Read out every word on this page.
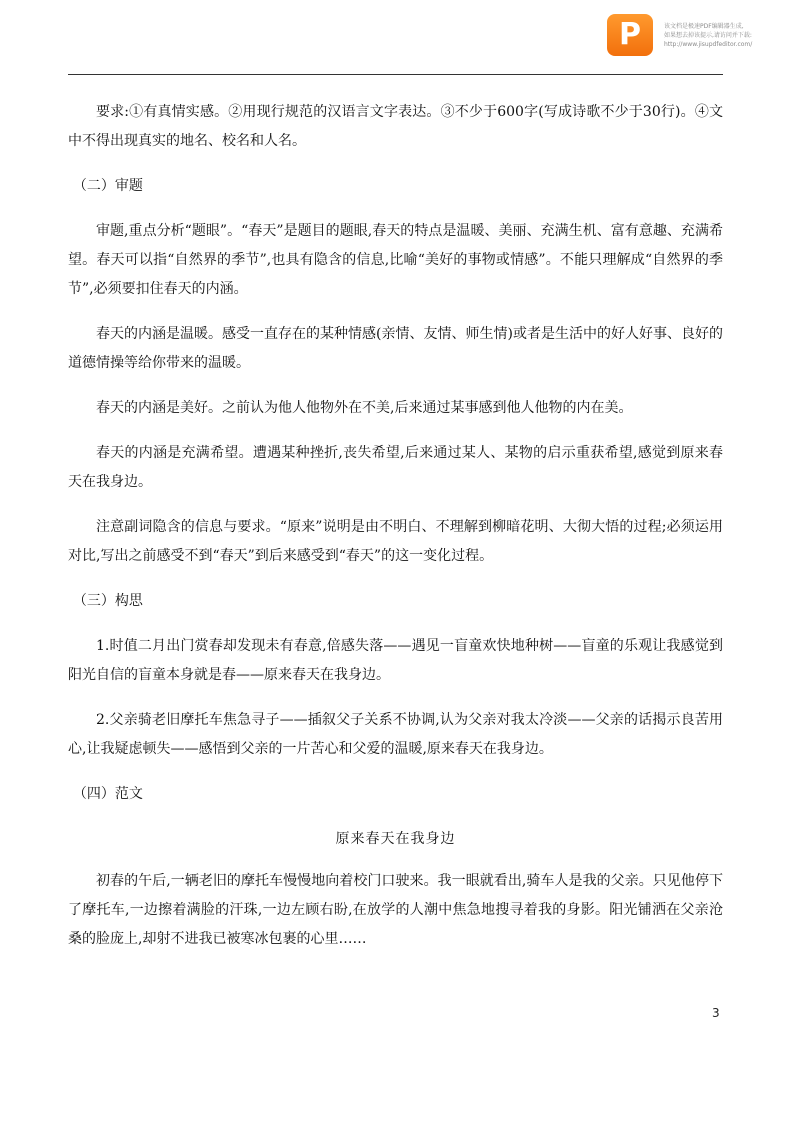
P	该文档是极速PDF编辑器生成,
如果想去掉该提示,请访问并下载:
http://www.jisupdfeditor.com/

要求:①有真情实感。②用现行规范的汉语言文字表达。③不少于600字(写成诗歌不少于30行)。④文中不得出现真实的地名、校名和人名。

（二）审题

审题,重点分析“题眼”。“春天”是题目的题眼,春天的特点是温暖、美丽、充满生机、富有意趣、充满希望。春天可以指“自然界的季节”,也具有隐含的信息,比喻“美好的事物或情感”。不能只理解成“自然界的季节”,必须要扣住春天的内涵。

春天的内涵是温暖。感受一直存在的某种情感(亲情、友情、师生情)或者是生活中的好人好事、良好的道德情操等给你带来的温暖。

春天的内涵是美好。之前认为他人他物外在不美,后来通过某事感到他人他物的内在美。

春天的内涵是充满希望。遭遇某种挫折,丧失希望,后来通过某人、某物的启示重获希望,感觉到原来春天在我身边。

注意副词隐含的信息与要求。“原来”说明是由不明白、不理解到柳暗花明、大彻大悟的过程;必须运用对比,写出之前感受不到“春天”到后来感受到“春天”的这一变化过程。

（三）构思

1.时值二月出门赏春却发现未有春意,倍感失落——遇见一盲童欢快地种树——盲童的乐观让我感觉到阳光自信的盲童本身就是春——原来春天在我身边。

2.父亲骑老旧摩托车焦急寻子——插叙父子关系不协调,认为父亲对我太冷淡——父亲的话揭示良苦用心,让我疑虑顿失——感悟到父亲的一片苦心和父爱的温暖,原来春天在我身边。

（四）范文

原来春天在我身边

初春的午后,一辆老旧的摩托车慢慢地向着校门口驶来。我一眼就看出,骑车人是我的父亲。只见他停下了摩托车,一边擦着满脸的汗珠,一边左顾右盼,在放学的人潮中焦急地搜寻着我的身影。阳光铺洒在父亲沧桑的脸庞上,却射不进我已被寒冰包裹的心里……

3
